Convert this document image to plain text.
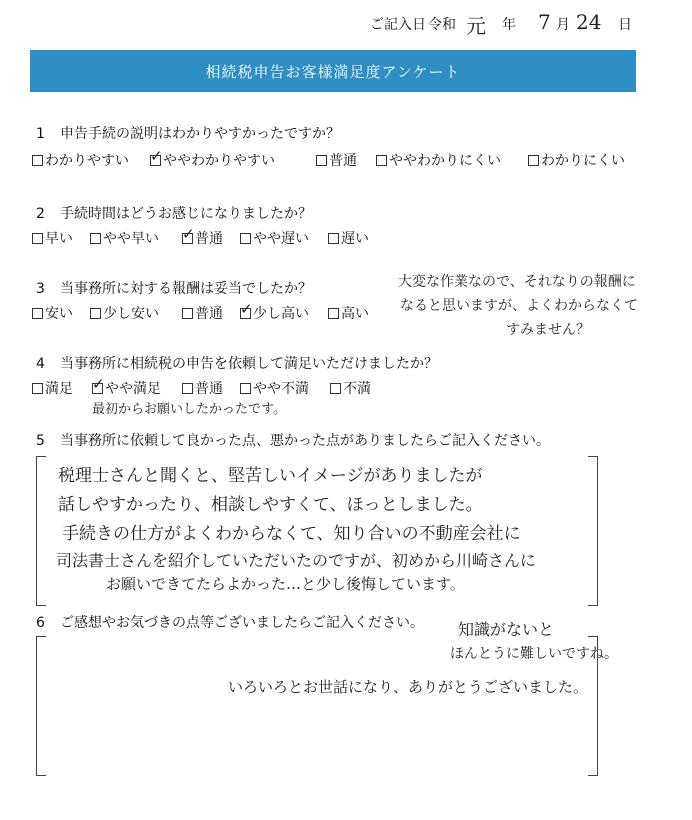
ご記入日 令和 元 年 7 月 24 日
相続税申告お客様満足度アンケート
1 申告手続の説明はわかりやすかったですか？
わかりやすい ✓ ややわかりやすい	普通 ややわかりにくい	わかりにくい
2 手続時間はどうお感じになりましたか？
早い やや早い ✓ 普通 やや遅い 遅い
3 当事務所に対する報酬は妥当でしたか？
安い 少し安い	普通 ✓ 少し高い 高い
大変な作業なので、それなりの報酬に
なると思いますが、よくわからなくて
すみません？
4 当事務所に相続税の申告を依頼して満足いただけましたか？
満足 ✓ やや満足 普通 やや不満 不満
最初からお願いしたかったです。
5 当事務所に依頼して良かった点、悪かった点がありましたらご記入ください。
税理士さんと聞くと、堅苦しいイメージがありましたが
話しやすかったり、相談しやすくて、ほっとしました。
手続きの仕方がよくわからなくて、知り合いの不動産会社に
司法書士さんを紹介していただいたのですが、初めから川崎さんに
お願いできてたらよかった…と少し後悔しています。
6 ご感想やお気づきの点等ございましたらご記入ください。 知識がないと
ほんとうに難しいですね。
いろいろとお世話になり、ありがとうございました。
